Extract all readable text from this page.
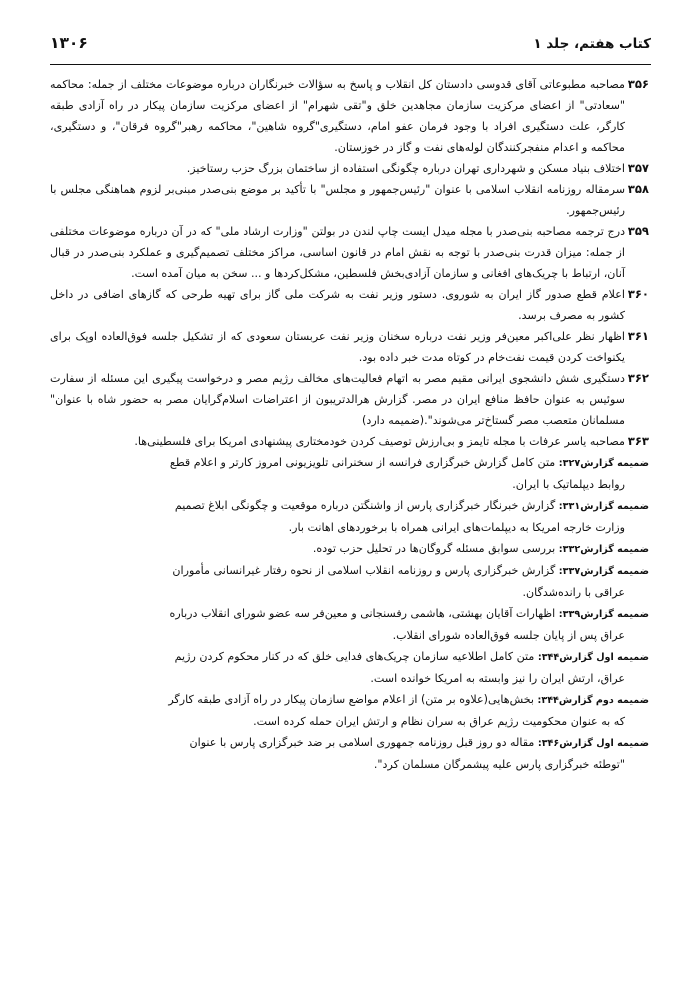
کتاب هفتم، جلد ۱
۱۳۰۶
۳۵۶
مصاحبه مطبوعاتی آقای قدوسی دادستان کل انقلاب و پاسخ به سؤالات خبرنگاران درباره موضوعات مختلف از جمله: محاکمه "سعادتی" از اعضای مرکزیت سازمان مجاهدین خلق و"تقی شهرام" از اعضای مرکزیت سازمان پیکار در راه آزادی طبقه کارگر، علت دستگیری افراد با وجود فرمان عفو امام، دستگیری"گروه شاهین"، محاکمه رهبر"گروه فرقان"، و دستگیری، محاکمه و اعدام منفجرکنندگان لوله‌های نفت و گاز در خوزستان.
۳۵۷
اختلاف بنیاد مسکن و شهرداری تهران درباره چگونگی استفاده از ساختمان بزرگ حزب رستاخیز.
۳۵۸
سرمقاله روزنامه انقلاب اسلامی با عنوان "رئیس‌جمهور و مجلس" با تأکید بر موضع بنی‌صدر مبنی‌بر لزوم هماهنگی مجلس با رئیس‌جمهور.
۳۵۹
درج ترجمه مصاحبه بنی‌صدر با مجله میدل ایست چاپ لندن در بولتن "وزارت ارشاد ملی" که در آن درباره موضوعات مختلفی از جمله: میزان قدرت بنی‌صدر با توجه به نقش امام در قانون اساسی، مراکز مختلف تصمیم‌گیری و عملکرد بنی‌صدر در قبال آنان، ارتباط با چریک‌های افغانی و سازمان آزادی‌بخش فلسطین، مشکل‌کردها و ... سخن به میان آمده است.
۳۶۰
اعلام قطع صدور گاز ایران به شوروی. دستور وزیر نفت به شرکت ملی گاز برای تهیه طرحی که گازهای اضافی در داخل کشور به مصرف برسد.
۳۶۱
اظهار نظر علی‌اکبر معین‌فر وزیر نفت درباره سخنان وزیر نفت عربستان سعودی که از تشکیل جلسه فوق‌العاده اوپک برای یکنواخت کردن قیمت نفت‌خام در کوتاه مدت خبر داده بود.
۳۶۲
دستگیری شش دانشجوی ایرانی مقیم مصر به اتهام فعالیت‌های مخالف رژیم مصر و درخواست پیگیری این مسئله از سفارت سوئیس به عنوان حافظ منافع ایران در مصر. گزارش هرالدتریبون از اعتراضات اسلام‌گرایان مصر به حضور شاه با عنوان" مسلمانان متعصب مصر گستاخ‌تر می‌شوند".(ضمیمه دارد)
۳۶۳
مصاحبه یاسر عرفات با مجله تایمز و بی‌ارزش توصیف کردن خودمختاری پیشنهادی امریکا برای فلسطینی‌ها.
ضمیمه گزارش۳۲۷: متن کامل گزارش خبرگزاری فرانسه از سخنرانی تلویزیونی امروز کارتر و اعلام قطع
روابط دیپلماتیک با ایران.
ضمیمه گزارش۳۳۱: گزارش خبرنگار خبرگزاری پارس از واشنگتن درباره موقعیت و چگونگی ابلاغ تصمیم
وزارت خارجه امریکا به دیپلمات‌های ایرانی همراه با برخوردهای اهانت بار.
ضمیمه گزارش۳۳۲: بررسی سوابق مسئله گروگان‌ها در تحلیل حزب توده.
ضمیمه گزارش۳۳۷: گزارش خبرگزاری پارس و روزنامه انقلاب اسلامی از نحوه رفتار غیرانسانی مأموران
عراقی با رانده‌شدگان.
ضمیمه گزارش۳۳۹: اظهارات آقایان بهشتی، هاشمی رفسنجانی و معین‌فر سه عضو شورای انقلاب درباره
عراق پس از پایان جلسه فوق‌العاده شورای انقلاب.
ضمیمه اول گزارش۳۴۴: متن کامل اطلاعیه سازمان چریک‌های فدایی خلق که در کنار محکوم کردن رژیم
عراق، ارتش ایران را نیز وابسته به امریکا خوانده است.
ضمیمه دوم گزارش۳۴۴: بخش‌هایی(علاوه بر متن) از اعلام مواضع سازمان پیکار در راه آزادی طبقه کارگر
که به عنوان محکومیت رژیم عراق به سران نظام و ارتش ایران حمله کرده است.
ضمیمه اول گزارش۳۴۶: مقاله دو روز قبل روزنامه جمهوری اسلامی بر ضد خبرگزاری پارس با عنوان
"توطئه خبرگزاری پارس علیه پیشمرگان مسلمان کرد".
